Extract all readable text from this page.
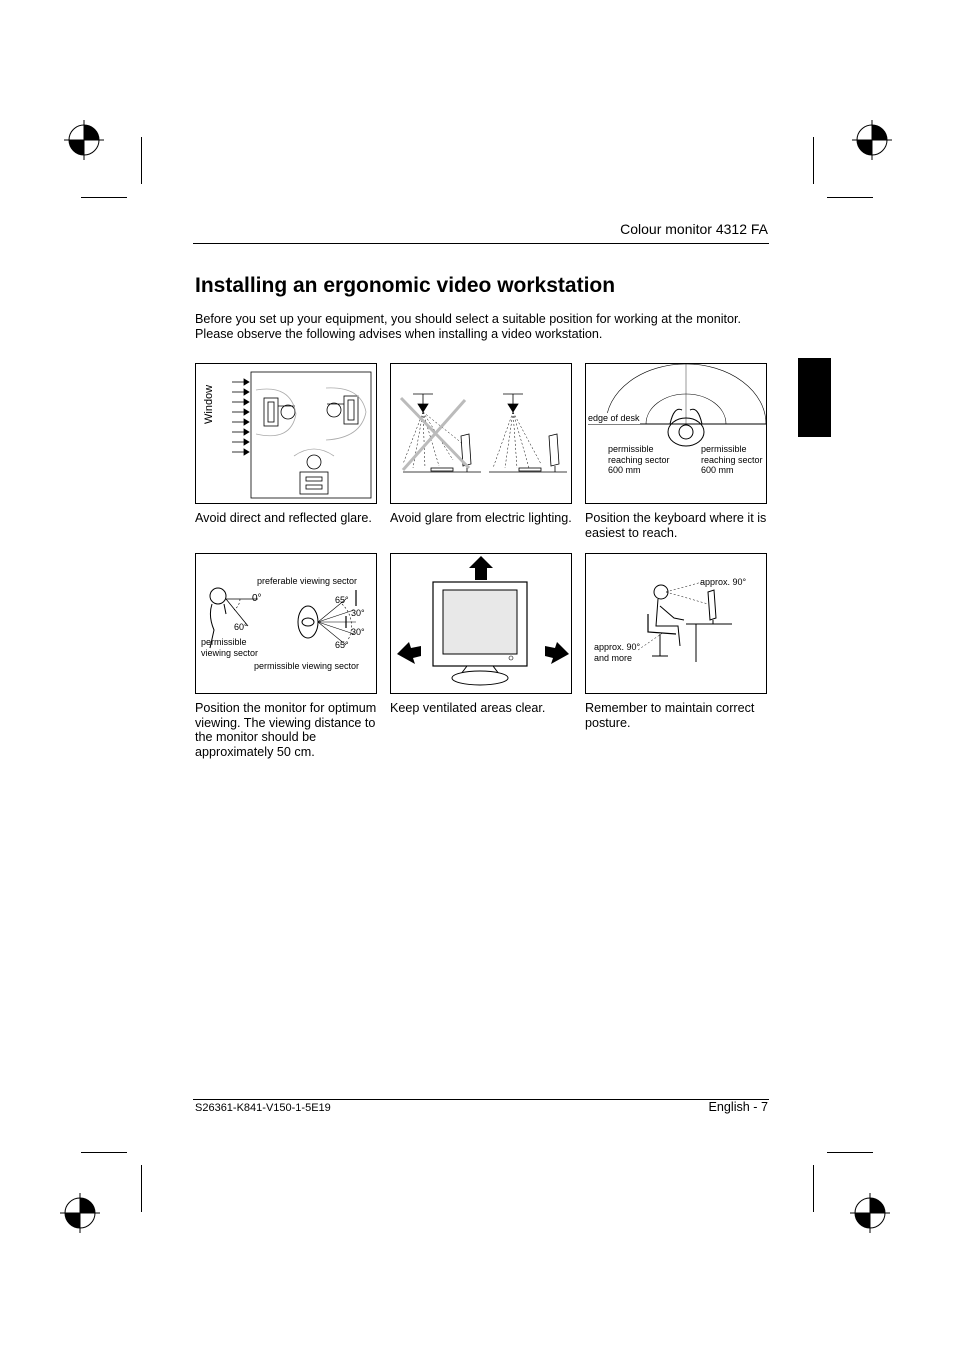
Colour monitor 4312 FA
Installing an ergonomic video workstation

Before you set up your equipment, you should select a suitable position for working at the monitor. Please observe the following advises when installing a video workstation.

Window
Avoid direct and reflected glare.	Avoid glare from electric lighting.
edge of desk
permissible
reaching sector
600 mm
permissible
reaching sector
600 mm
Position the keyboard where it is easiest to reach.
preferable viewing sector
0°
60°
permissible
viewing sector
permissible viewing sector
65°
30°
30°
65°
Position the monitor for optimum viewing. The viewing distance to the monitor should be approximately 50 cm.
Keep ventilated areas clear.
approx. 90°
approx. 90°
and more
Remember to maintain correct posture.
S26361-K841-V150-1-5E19	English - 7
